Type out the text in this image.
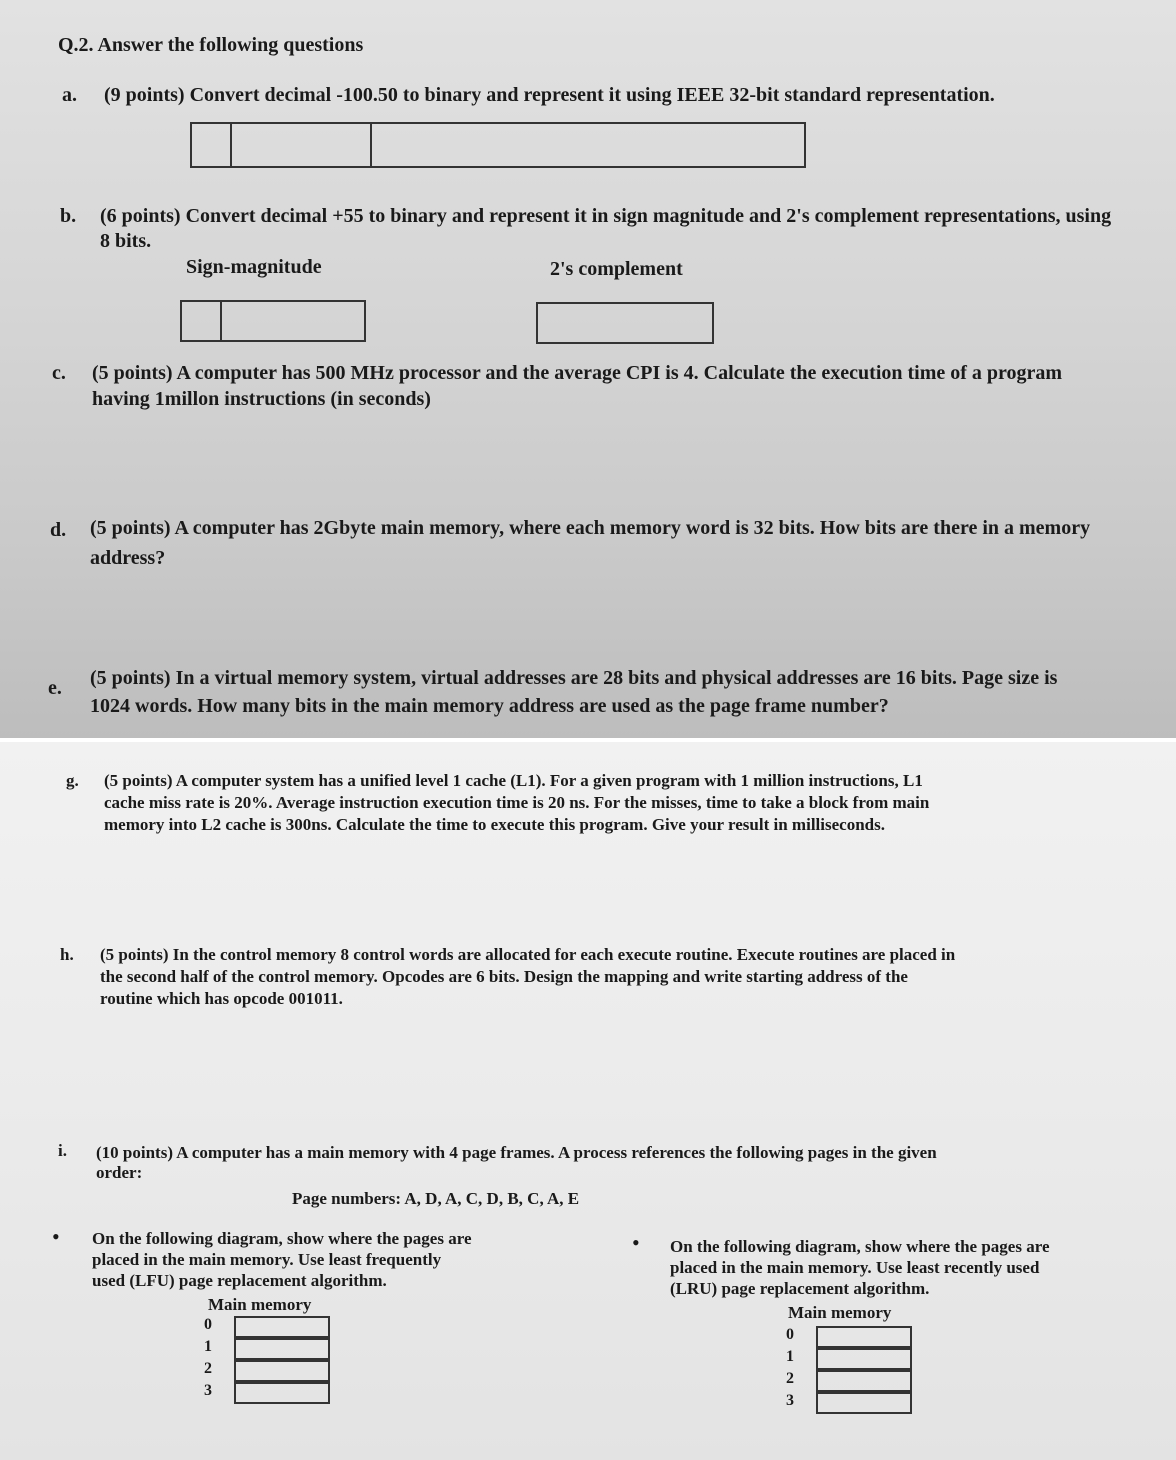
Q.2. Answer the following questions
a. (9 points) Convert decimal -100.50 to binary and represent it using IEEE 32-bit standard representation.
b. (6 points) Convert decimal +55 to binary and represent it in sign magnitude and 2's complement representations, using
8 bits.
Sign-magnitude	2's complement
c. (5 points) A computer has 500 MHz processor and the average CPI is 4. Calculate the execution time of a program
having 1millon instructions (in seconds)
d. (5 points) A computer has 2Gbyte main memory, where each memory word is 32 bits. How bits are there in a memory
address?
e. (5 points) In a virtual memory system, virtual addresses are 28 bits and physical addresses are 16 bits. Page size is
1024 words. How many bits in the main memory address are used as the page frame number?
g. (5 points) A computer system has a unified level 1 cache (L1). For a given program with 1 million instructions, L1
cache miss rate is 20%. Average instruction execution time is 20 ns. For the misses, time to take a block from main
memory into L2 cache is 300ns. Calculate the time to execute this program. Give your result in milliseconds.
h. (5 points) In the control memory 8 control words are allocated for each execute routine. Execute routines are placed in
the second half of the control memory. Opcodes are 6 bits. Design the mapping and write starting address of the
routine which has opcode 001011.
i. (10 points) A computer has a main memory with 4 page frames. A process references the following pages in the given
order:
Page numbers: A, D, A, C, D, B, C, A, E
• On the following diagram, show where the pages are
placed in the main memory. Use least frequently
used (LFU) page replacement algorithm.
Main memory
0
1
2
3
• On the following diagram, show where the pages are
placed in the main memory. Use least recently used
(LRU) page replacement algorithm.
Main memory
0
1
2
3
